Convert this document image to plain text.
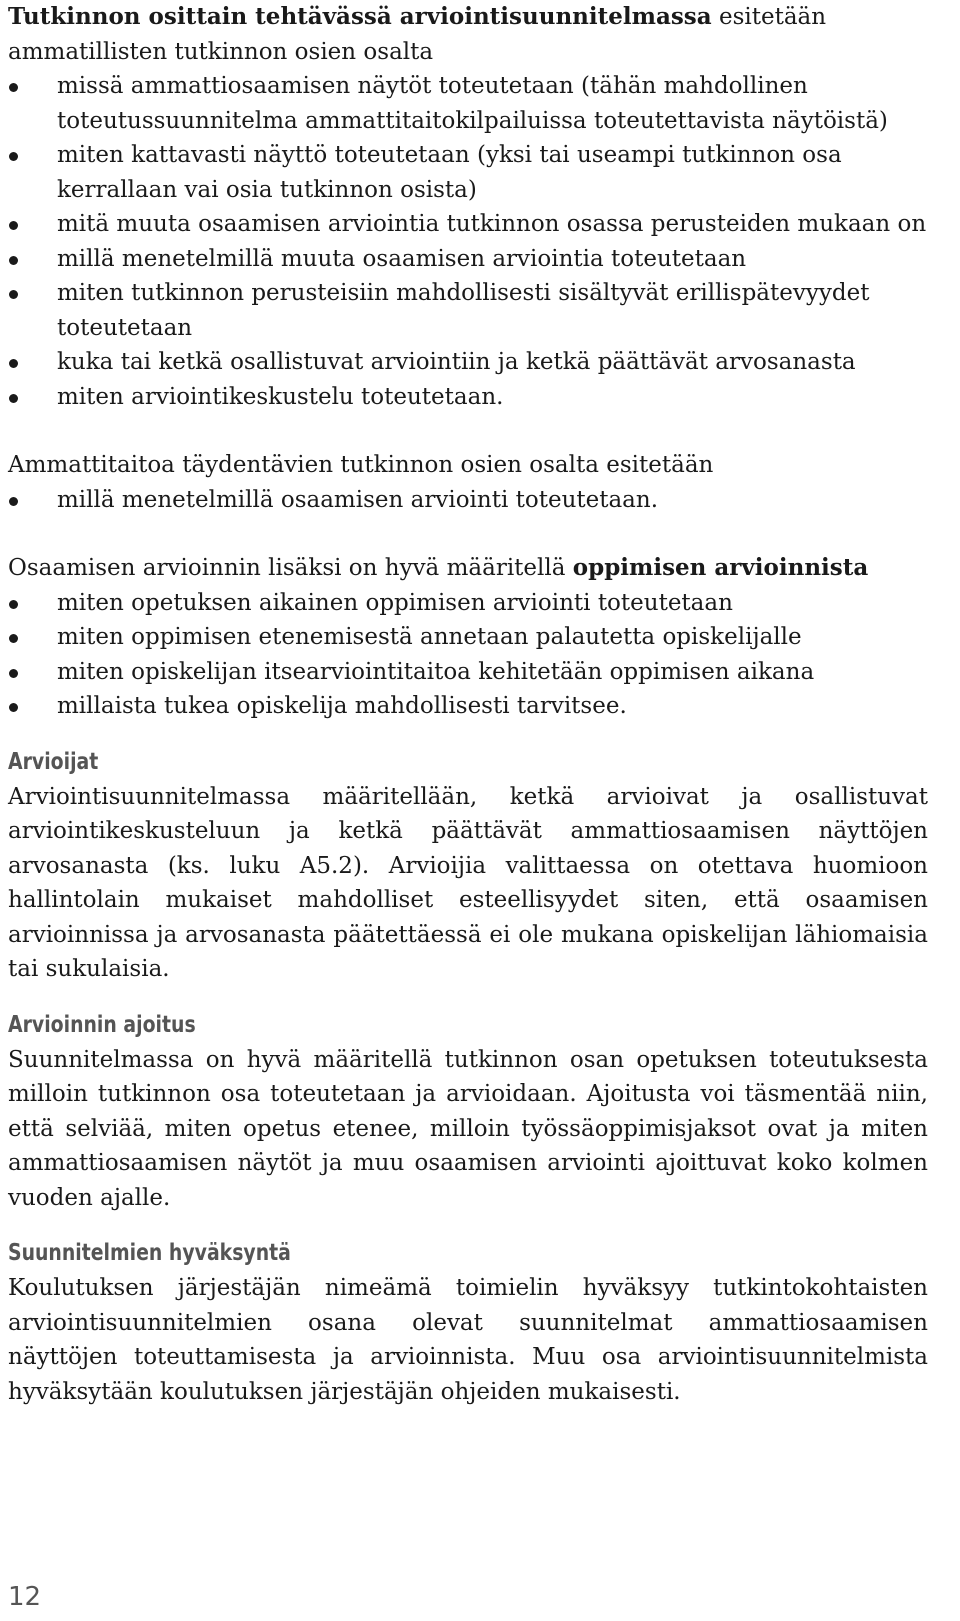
Tutkinnon osittain tehtävässä arviointisuunnitelmassa esitetään ammatillisten tutkinnon osien osalta

missä ammattiosaamisen näytöt toteutetaan (tähän mahdollinen toteutussuunnitelma ammattitaitokilpailuissa toteutettavista näytöistä)
miten kattavasti näyttö toteutetaan (yksi tai useampi tutkinnon osa kerrallaan vai osia tutkinnon osista)
mitä muuta osaamisen arviointia tutkinnon osassa perusteiden mukaan on
millä menetelmillä muuta osaamisen arviointia toteutetaan
miten tutkinnon perusteisiin mahdollisesti sisältyvät erillispätevyydet toteutetaan
kuka tai ketkä osallistuvat arviointiin ja ketkä päättävät arvosanasta
miten arviointikeskustelu toteutetaan.

Ammattitaitoa täydentävien tutkinnon osien osalta esitetään

millä menetelmillä osaamisen arviointi toteutetaan.

Osaamisen arvioinnin lisäksi on hyvä määritellä oppimisen arvioinnista

miten opetuksen aikainen oppimisen arviointi toteutetaan
miten oppimisen etenemisestä annetaan palautetta opiskelijalle
miten opiskelijan itsearviointitaitoa kehitetään oppimisen aikana
millaista tukea opiskelija mahdollisesti tarvitsee.
Arvioijat

Arviointisuunnitelmassa määritellään, ketkä arvioivat ja osallistuvat arviointikeskusteluun ja ketkä päättävät ammattiosaamisen näyttöjen arvosanasta (ks. luku A5.2). Arvioijia valittaessa on otettava huomioon hallintolain mukaiset mahdolliset esteellisyydet siten, että osaamisen arvioinnissa ja arvosanasta päätettäessä ei ole mukana opiskelijan lähiomaisia tai sukulaisia.

Arvioinnin ajoitus

Suunnitelmassa on hyvä määritellä tutkinnon osan opetuksen toteutuksesta milloin tutkinnon osa toteutetaan ja arvioidaan. Ajoitusta voi täsmentää niin, että selviää, miten opetus etenee, milloin työssäoppimisjaksot ovat ja miten ammattiosaamisen näytöt ja muu osaamisen arviointi ajoittuvat koko kolmen vuoden ajalle.

Suunnitelmien hyväksyntä

Koulutuksen järjestäjän nimeämä toimielin hyväksyy tutkintokohtaisten arviointisuunnitelmien osana olevat suunnitelmat ammattiosaamisen näyttöjen toteuttamisesta ja arvioinnista. Muu osa arviointisuunnitelmista hyväksytään koulutuksen järjestäjän ohjeiden mukaisesti.

12
